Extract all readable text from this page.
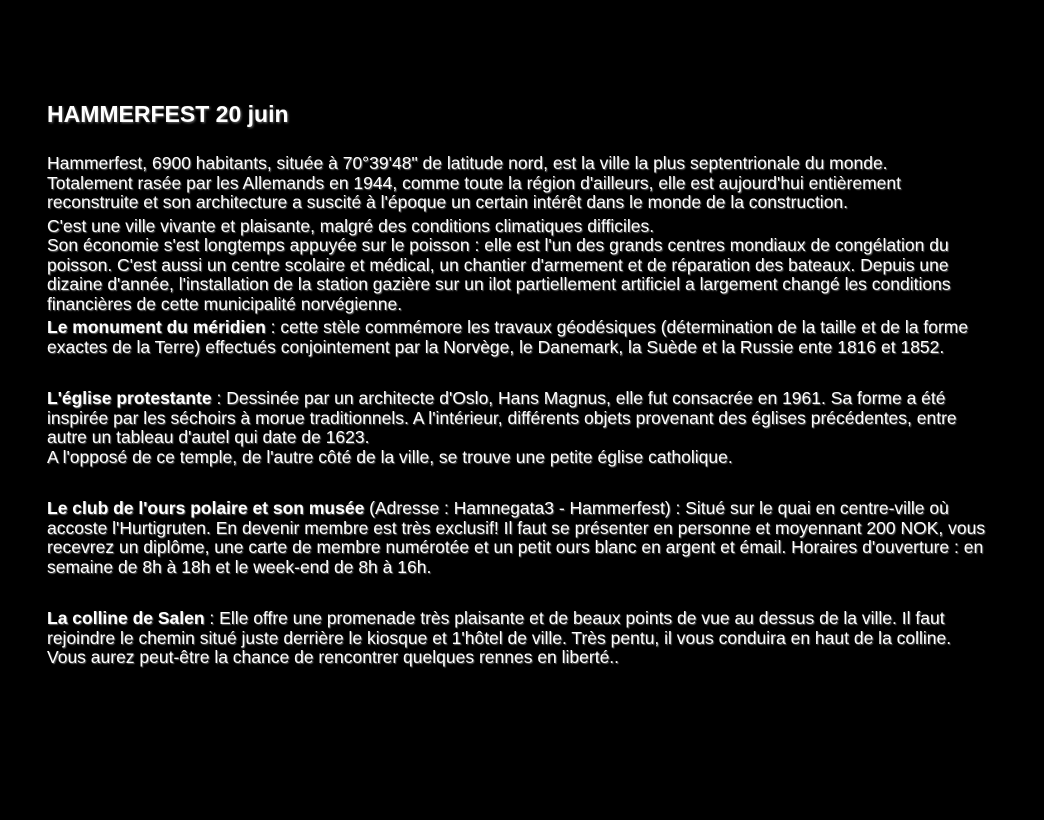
HAMMERFEST 20 juin

Hammerfest, 6900 habitants, située à 70°39'48" de latitude nord, est la ville la plus septentrionale du monde.
Totalement rasée par les Allemands en 1944, comme toute la région d'ailleurs, elle est aujourd'hui entièrement reconstruite et son architecture a suscité à l'époque un certain intérêt dans le monde de la construction.

C'est une ville vivante et plaisante, malgré des conditions climatiques difficiles.
Son économie s'est longtemps appuyée sur le poisson : elle est l'un des grands centres mondiaux de congélation du poisson. C'est aussi un centre scolaire et médical, un chantier d'armement et de réparation des bateaux. Depuis une dizaine d'année, l'installation de la station gazière sur un ilot partiellement artificiel a largement changé les conditions financières de cette municipalité norvégienne.

Le monument du méridien : cette stèle commémore les travaux géodésiques (détermination de la taille et de la forme exactes de la Terre) effectués conjointement par la Norvège, le Danemark, la Suède et la Russie ente 1816 et 1852.

L'église protestante : Dessinée par un architecte d'Oslo, Hans Magnus, elle fut consacrée en 1961. Sa forme a été inspirée par les séchoirs à morue traditionnels. A l'intérieur, différents objets provenant des églises précédentes, entre autre un tableau d'autel qui date de 1623.
A l'opposé de ce temple, de l'autre côté de la ville, se trouve une petite église catholique.

Le club de l'ours polaire et son musée (Adresse : Hamnegata3 - Hammerfest) : Situé sur le quai en centre-ville où accoste l'Hurtigruten. En devenir membre est très exclusif! Il faut se présenter en personne et moyennant 200 NOK, vous recevrez un diplôme, une carte de membre numérotée et un petit ours blanc en argent et émail. Horaires d'ouverture : en semaine de 8h à 18h et le week-end de 8h à 16h.

La colline de Salen : Elle offre une promenade très plaisante et de beaux points de vue au dessus de la ville. Il faut rejoindre le chemin situé juste derrière le kiosque et 1'hôtel de ville. Très pentu, il vous conduira en haut de la colline. Vous aurez peut-être la chance de rencontrer quelques rennes en liberté..
